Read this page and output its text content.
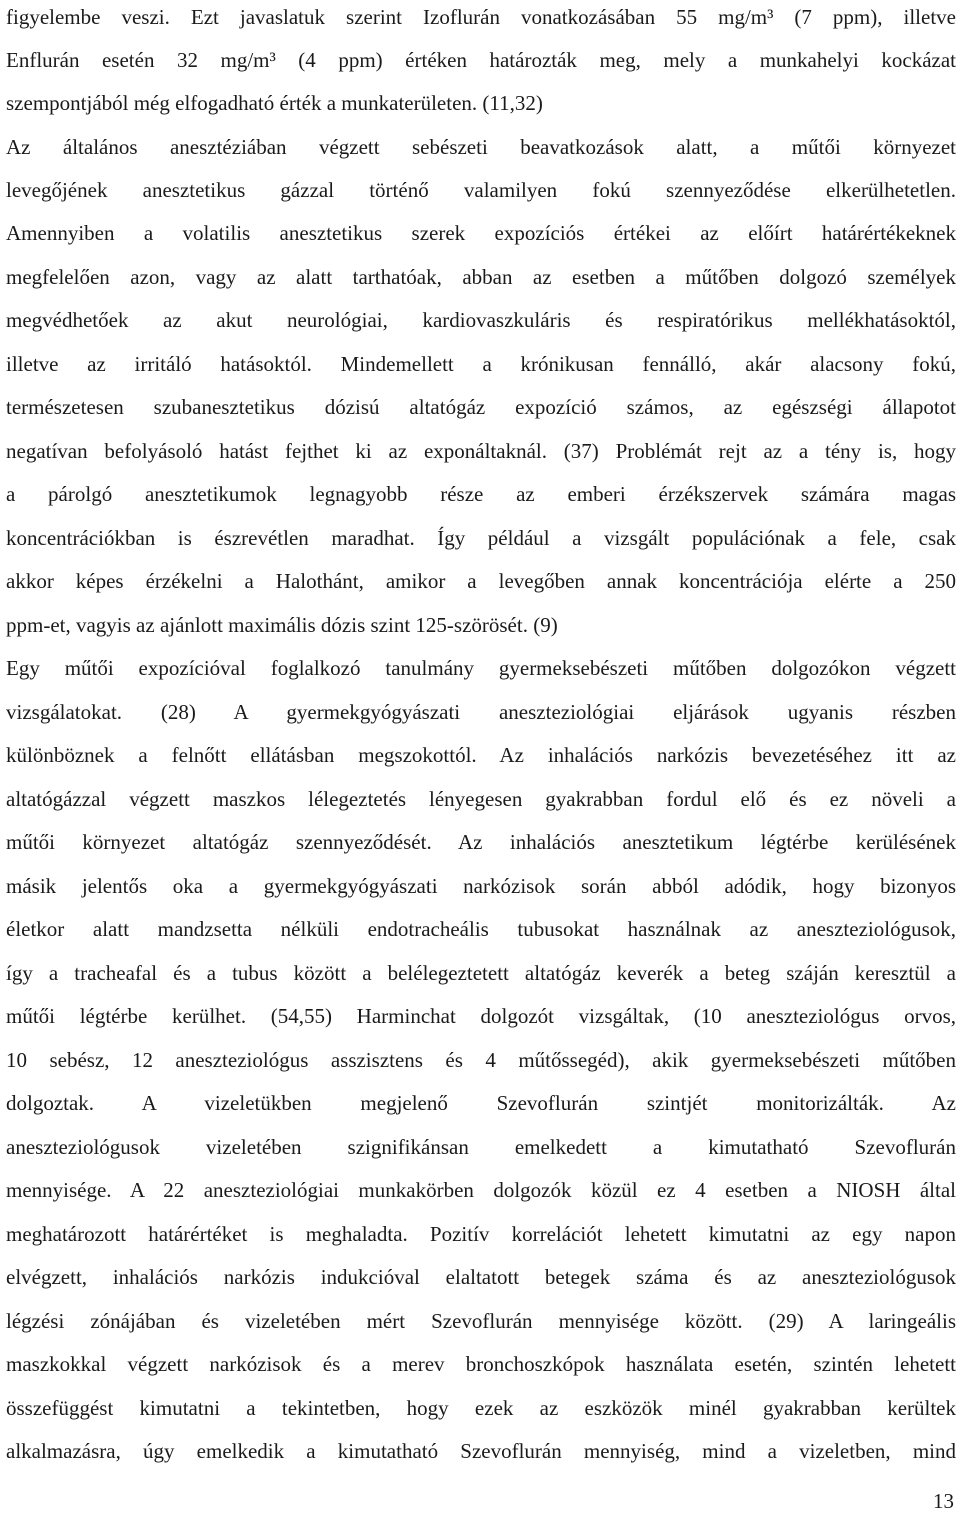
figyelembe veszi. Ezt javaslatuk szerint Izoflurán vonatkozásában 55 mg/m³ (7 ppm), illetve
Enflurán esetén 32 mg/m³ (4 ppm) értéken határozták meg, mely a munkahelyi kockázat
szempontjából még elfogadható érték a munkaterületen. (11,32)
Az általános anesztéziában végzett sebészeti beavatkozások alatt, a műtői környezet
levegőjének anesztetikus gázzal történő valamilyen fokú szennyeződése elkerülhetetlen.
Amennyiben a volatilis anesztetikus szerek expozíciós értékei az előírt határértékeknek
megfelelően azon, vagy az alatt tarthatóak, abban az esetben a műtőben dolgozó személyek
megvédhetőek az akut neurológiai, kardiovaszkuláris és respiratórikus mellékhatásoktól,
illetve az irritáló hatásoktól. Mindemellett a krónikusan fennálló, akár alacsony fokú,
természetesen szubanesztetikus dózisú altatógáz expozíció számos, az egészségi állapotot
negatívan befolyásoló hatást fejthet ki az exponáltaknál. (37) Problémát rejt az a tény is, hogy
a párolgó anesztetikumok legnagyobb része az emberi érzékszervek számára magas
koncentrációkban is észrevétlen maradhat. Így például a vizsgált populációnak a fele, csak
akkor képes érzékelni a Halothánt, amikor a levegőben annak koncentrációja elérte a 250
ppm-et, vagyis az ajánlott maximális dózis szint 125-szörösét. (9)
Egy műtői expozícióval foglalkozó tanulmány gyermeksebészeti műtőben dolgozókon végzett
vizsgálatokat. (28) A gyermekgyógyászati aneszteziológiai eljárások ugyanis részben
különböznek a felnőtt ellátásban megszokottól. Az inhalációs narkózis bevezetéséhez itt az
altatógázzal végzett maszkos lélegeztetés lényegesen gyakrabban fordul elő és ez növeli a
műtői környezet altatógáz szennyeződését. Az inhalációs anesztetikum légtérbe kerülésének
másik jelentős oka a gyermekgyógyászati narkózisok során abból adódik, hogy bizonyos
életkor alatt mandzsetta nélküli endotracheális tubusokat használnak az aneszteziológusok,
így a tracheafal és a tubus között a belélegeztetett altatógáz keverék a beteg száján keresztül a
műtői légtérbe kerülhet. (54,55) Harminchat dolgozót vizsgáltak, (10 aneszteziológus orvos,
10 sebész, 12 aneszteziológus asszisztens és 4 műtőssegéd), akik gyermeksebészeti műtőben
dolgoztak. A vizeletükben megjelenő Szevoflurán szintjét monitorizálták. Az
aneszteziológusok vizeletében szignifikánsan emelkedett a kimutatható Szevoflurán
mennyisége. A 22 aneszteziológiai munkakörben dolgozók közül ez 4 esetben a NIOSH által
meghatározott határértéket is meghaladta. Pozitív korrelációt lehetett kimutatni az egy napon
elvégzett, inhalációs narkózis indukcióval elaltatott betegek száma és az aneszteziológusok
légzési zónájában és vizeletében mért Szevoflurán mennyisége között. (29) A laringeális
maszkokkal végzett narkózisok és a merev bronchoszkópok használata esetén, szintén lehetett
összefüggést kimutatni a tekintetben, hogy ezek az eszközök minél gyakrabban kerültek
alkalmazásra, úgy emelkedik a kimutatható Szevoflurán mennyiség, mind a vizeletben, mind
13
